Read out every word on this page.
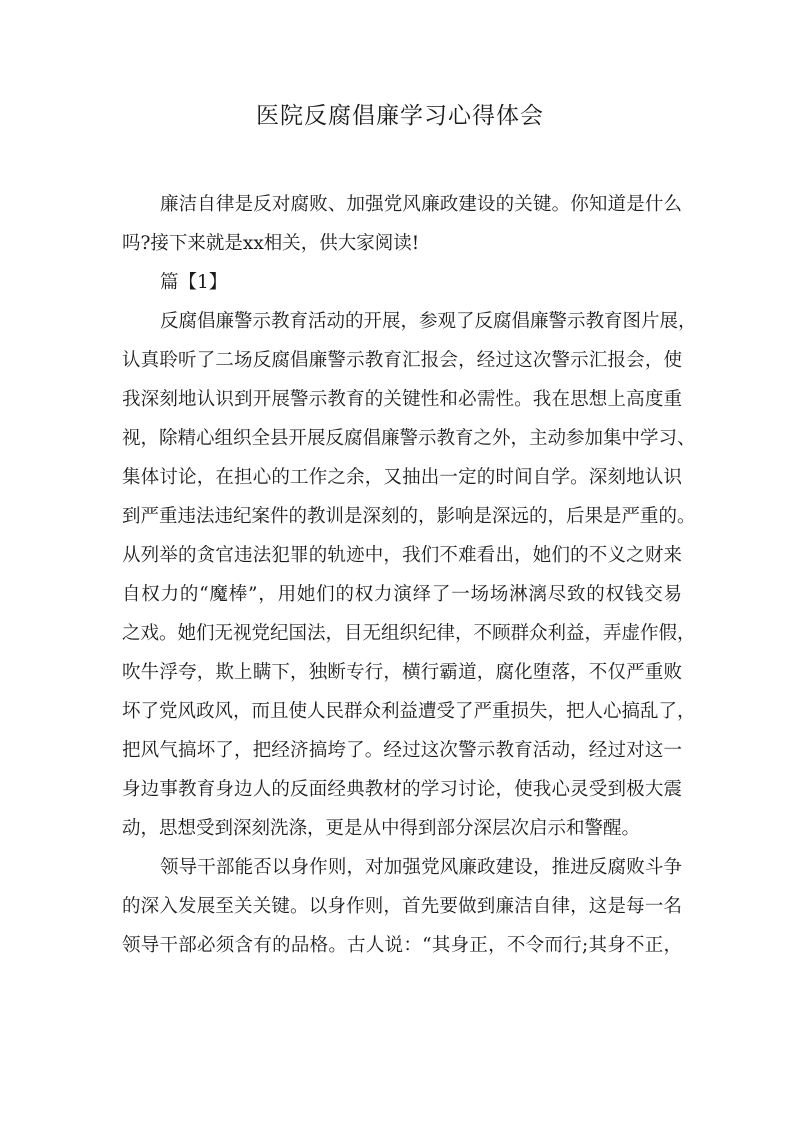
医院反腐倡廉学习心得体会

廉洁自律是反对腐败、加强党风廉政建设的关键。你知道是什么

吗?接下来就是xx相关，供大家阅读!

篇【1】

反腐倡廉警示教育活动的开展，参观了反腐倡廉警示教育图片展，

认真聆听了二场反腐倡廉警示教育汇报会，经过这次警示汇报会，使

我深刻地认识到开展警示教育的关键性和必需性。我在思想上高度重

视，除精心组织全县开展反腐倡廉警示教育之外，主动参加集中学习、

集体讨论，在担心的工作之余，又抽出一定的时间自学。深刻地认识

到严重违法违纪案件的教训是深刻的，影响是深远的，后果是严重的。

从列举的贪官违法犯罪的轨迹中，我们不难看出，她们的不义之财来

自权力的“魔棒”，用她们的权力演绎了一场场淋漓尽致的权钱交易

之戏。她们无视党纪国法，目无组织纪律，不顾群众利益，弄虚作假，

吹牛浮夸，欺上瞒下，独断专行，横行霸道，腐化堕落，不仅严重败

坏了党风政风，而且使人民群众利益遭受了严重损失，把人心搞乱了，

把风气搞坏了，把经济搞垮了。经过这次警示教育活动，经过对这一

身边事教育身边人的反面经典教材的学习讨论，使我心灵受到极大震

动，思想受到深刻洗涤，更是从中得到部分深层次启示和警醒。

领导干部能否以身作则，对加强党风廉政建设，推进反腐败斗争

的深入发展至关关键。以身作则，首先要做到廉洁自律，这是每一名

领导干部必须含有的品格。古人说：“其身正，不令而行;其身不正，
